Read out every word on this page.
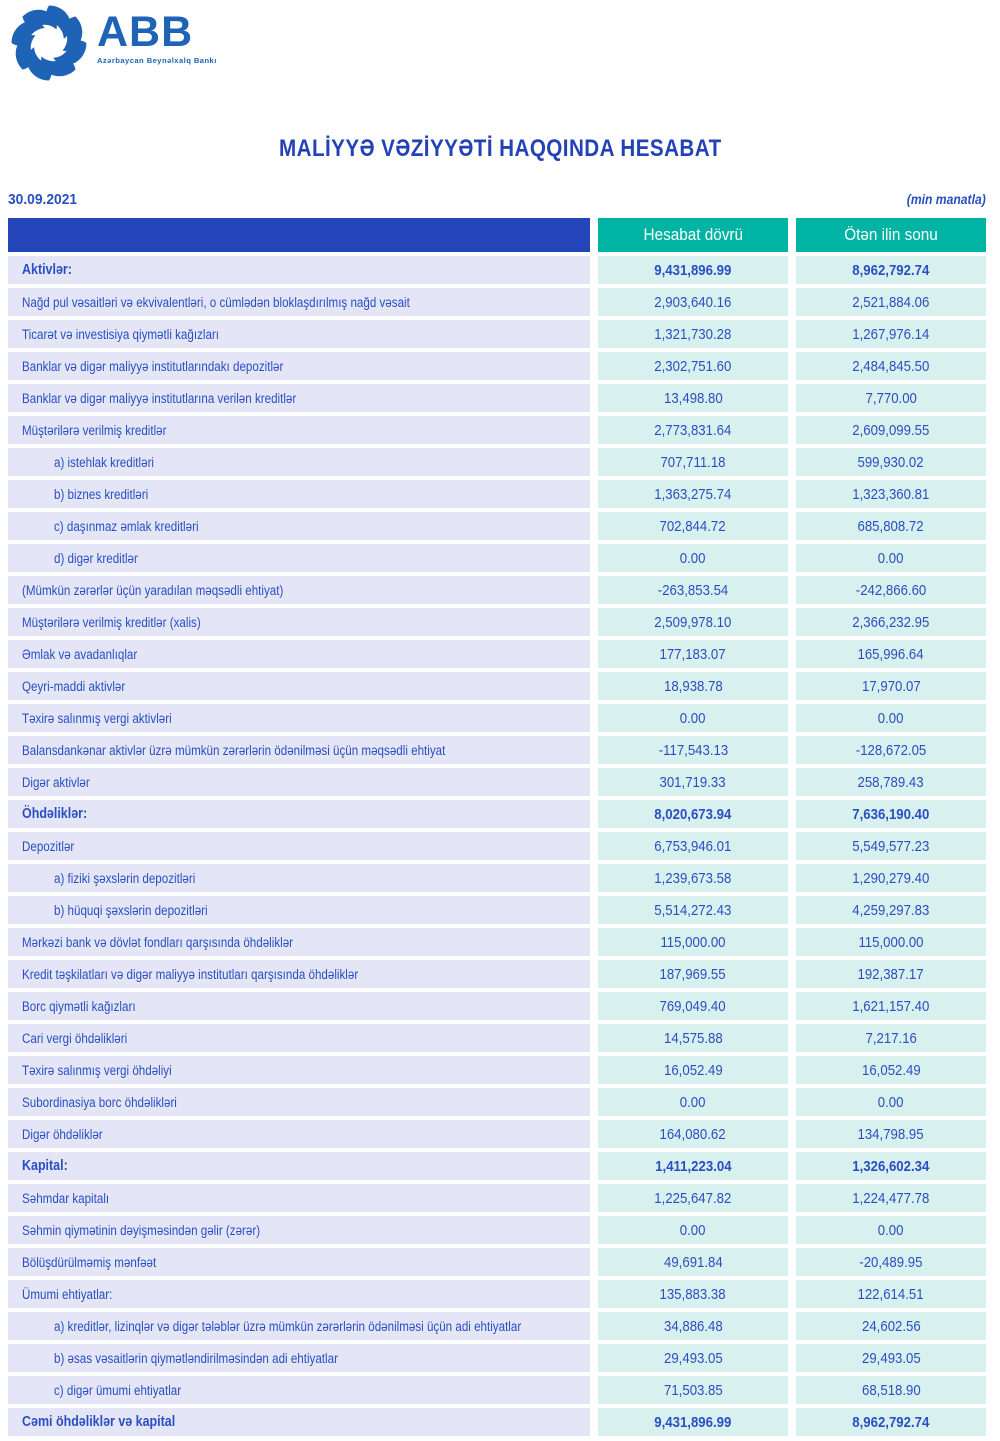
ABB
Azərbaycan Beynəlxalq Bankı
MALİYYƏ VƏZİYYƏTİ HAQQINDA HESABAT
30.09.2021	(min manatla)
Hesabat dövrü	Ötən ilin sonu
Aktivlər:	9,431,896.99	8,962,792.74
Nağd pul vəsaitləri və ekvivalentləri, o cümlədən bloklaşdırılmış nağd vəsait	2,903,640.16	2,521,884.06
Ticarət və investisiya qiymətli kağızları	1,321,730.28	1,267,976.14
Banklar və digər maliyyə institutlarındakı depozitlər	2,302,751.60	2,484,845.50
Banklar və digər maliyyə institutlarına verilən kreditlər	13,498.80	7,770.00
Müştərilərə verilmiş kreditlər	2,773,831.64	2,609,099.55
a) istehlak kreditləri	707,711.18	599,930.02
b) biznes kreditləri	1,363,275.74	1,323,360.81
c) daşınmaz əmlak kreditləri	702,844.72	685,808.72
d) digər kreditlər	0.00	0.00
(Mümkün zərərlər üçün yaradılan məqsədli ehtiyat)	-263,853.54	-242,866.60
Müştərilərə verilmiş kreditlər (xalis)	2,509,978.10	2,366,232.95
Əmlak və avadanlıqlar	177,183.07	165,996.64
Qeyri-maddi aktivlər	18,938.78	17,970.07
Təxirə salınmış vergi aktivləri	0.00	0.00
Balansdankənar aktivlər üzrə mümkün zərərlərin ödənilməsi üçün məqsədli ehtiyat	-117,543.13	-128,672.05
Digər aktivlər	301,719.33	258,789.43
Öhdəliklər:	8,020,673.94	7,636,190.40
Depozitlər	6,753,946.01	5,549,577.23
a) fiziki şəxslərin depozitləri	1,239,673.58	1,290,279.40
b) hüquqi şəxslərin depozitləri	5,514,272.43	4,259,297.83
Mərkəzi bank və dövlət fondları qarşısında öhdəliklər	115,000.00	115,000.00
Kredit təşkilatları və digər maliyyə institutları qarşısında öhdəliklər	187,969.55	192,387.17
Borc qiymətli kağızları	769,049.40	1,621,157.40
Cari vergi öhdəlikləri	14,575.88	7,217.16
Təxirə salınmış vergi öhdəliyi	16,052.49	16,052.49
Subordinasiya borc öhdəlikləri	0.00	0.00
Digər öhdəliklər	164,080.62	134,798.95
Kapital:	1,411,223.04	1,326,602.34
Səhmdar kapitalı	1,225,647.82	1,224,477.78
Səhmin qiymətinin dəyişməsindən gəlir (zərər)	0.00	0.00
Bölüşdürülməmiş mənfəət	49,691.84	-20,489.95
Ümumi ehtiyatlar:	135,883.38	122,614.51
a) kreditlər, lizinqlər və digər tələblər üzrə mümkün zərərlərin ödənilməsi üçün adi ehtiyatlar	34,886.48	24,602.56
b) əsas vəsaitlərin qiymətləndirilməsindən adi ehtiyatlar	29,493.05	29,493.05
c) digər ümumi ehtiyatlar	71,503.85	68,518.90
Cəmi öhdəliklər və kapital	9,431,896.99	8,962,792.74
